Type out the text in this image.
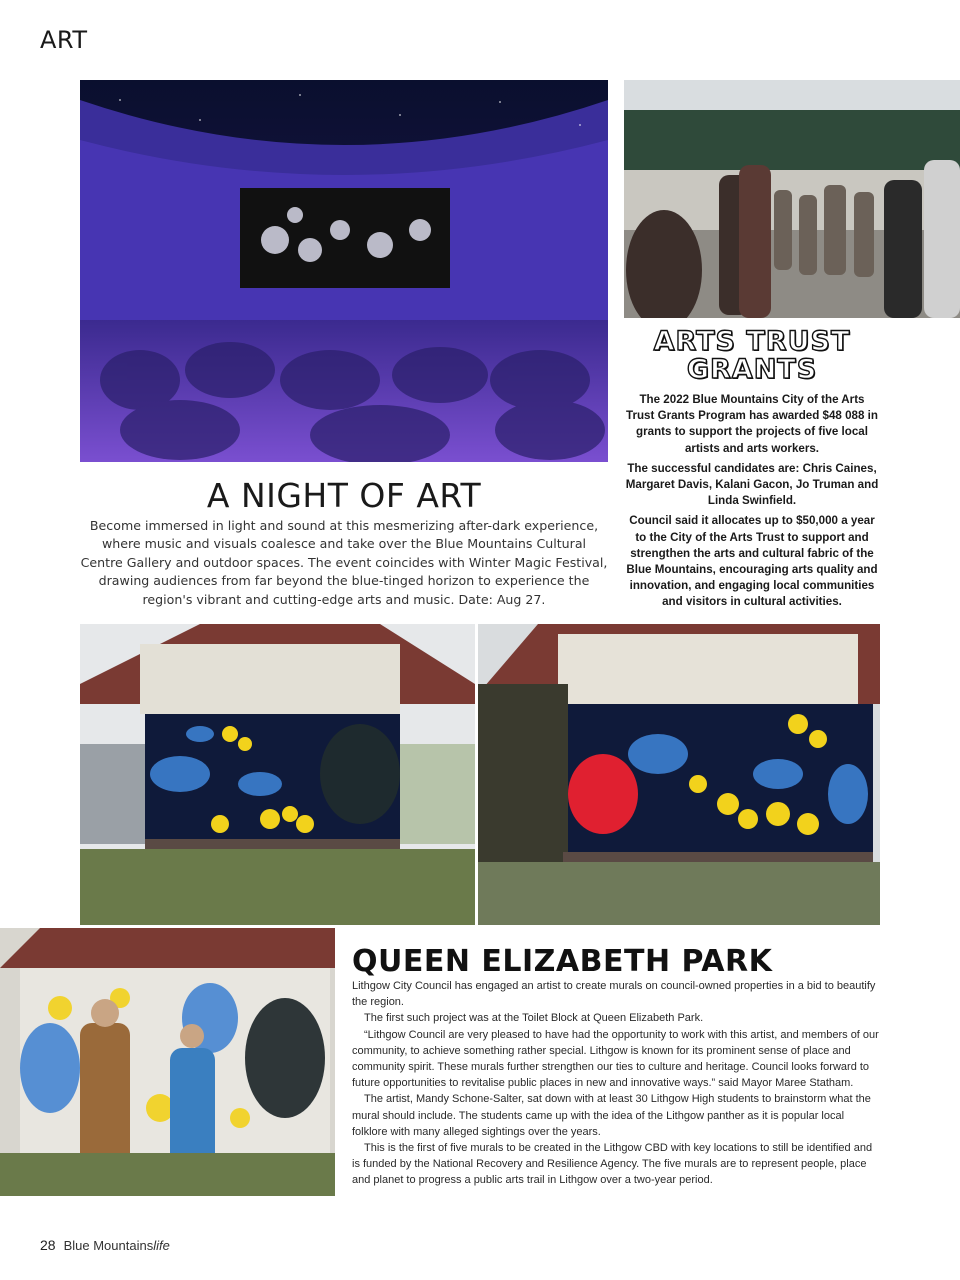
ART
A NIGHT OF ART
Become immersed in light and sound at this mesmerizing after-dark experience, where music and visuals coalesce and take over the Blue Mountains Cultural Centre Gallery and outdoor spaces. The event coincides with Winter Magic Festival, drawing audiences from far beyond the blue-tinged horizon to experience the region's vibrant and cutting-edge arts and music. Date: Aug 27.
ARTS TRUST
GRANTS

The 2022 Blue Mountains City of the Arts Trust Grants Program has awarded $48 088 in grants to support the projects of five local artists and arts workers.

The successful candidates are: Chris Caines, Margaret Davis, Kalani Gacon, Jo Truman and Linda Swinfield.

Council said it allocates up to $50,000 a year to the City of the Arts Trust to support and strengthen the arts and cultural fabric of the Blue Mountains, encouraging arts quality and innovation, and engaging local communities and visitors in cultural activities.

QUEEN ELIZABETH PARK

Lithgow City Council has engaged an artist to create murals on council-owned properties in a bid to beautify the region.

The first such project was at the Toilet Block at Queen Elizabeth Park.

“Lithgow Council are very pleased to have had the opportunity to work with this artist, and members of our community, to achieve something rather special. Lithgow is known for its prominent sense of place and community spirit. These murals further strengthen our ties to culture and heritage. Council looks forward to future opportunities to revitalise public places in new and innovative ways.” said Mayor Maree Statham.

The artist, Mandy Schone-Salter, sat down with at least 30 Lithgow High students to brainstorm what the mural should include. The students came up with the idea of the Lithgow panther as it is popular local folklore with many alleged sightings over the years.

This is the first of five murals to be created in the Lithgow CBD with key locations to still be identified and is funded by the National Recovery and Resilience Agency. The five murals are to represent people, place and planet to progress a public arts trail in Lithgow over a two-year period.

28 Blue Mountainslife
